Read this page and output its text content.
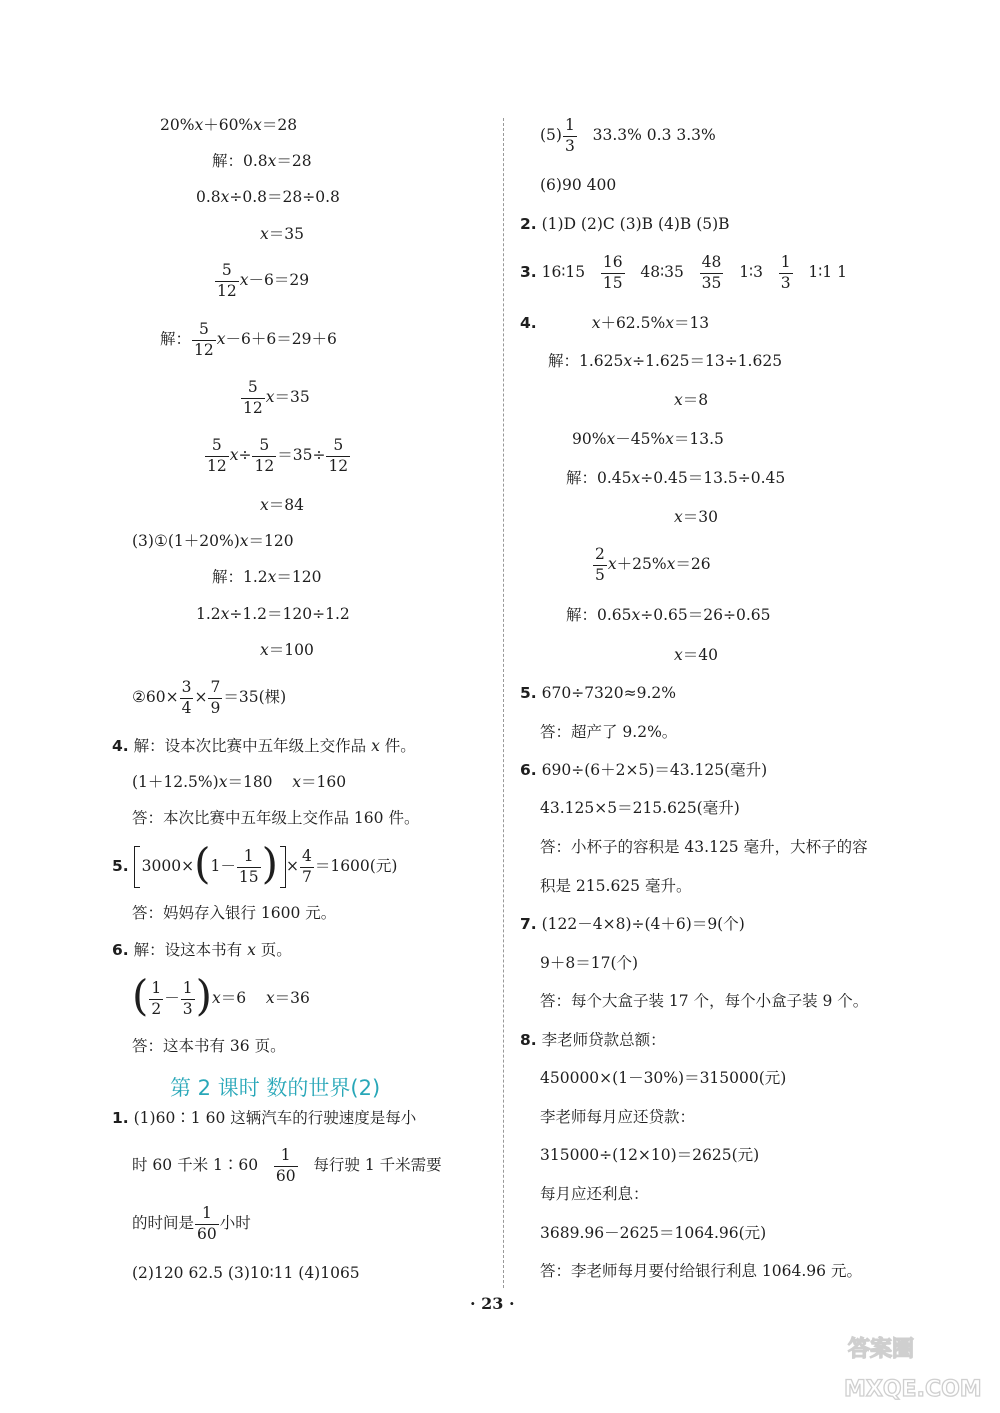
20%x＋60%x＝28
解：0.8x＝28
0.8x÷0.8＝28÷0.8
x＝35
$\frac{5}{12} x-6=29$
解： $\frac{5}{12} x-6+6=29+6$
$\frac{5}{12} x=35$
$\frac{5}{12} x\div \frac{5}{12} =35\div \frac{5}{12}$
x＝84
(3)①(1＋20%)x＝120
解：1.2x＝120
1.2x÷1.2＝120÷1.2
x＝100
②60× $\frac{3}{4} \times \frac{7}{9} =35$(棵)
4. 解：设本次比赛中五年级上交作品 x 件。
(1＋12.5%)x＝180 x＝160
答：本次比赛中五年级上交作品 160 件。
5. $3000\times(1- \frac{1}{15}$ ) × $\frac{4}{7} =1600$(元)
答：妈妈存入银行 1600 元。
6. 解：设这本书有 x 页。
( $\frac{1}{2} - \frac{1}{3} )x=6$ x＝36
答：这本书有 36 页。
第 2 课时 数的世界(2)
1. (1)60∶1 60 这辆汽车的行驶速度是每小
时 60 千米 1∶60 $\frac{1}{60}$ 每行驶 1 千米需要
的时间是 $\frac{1}{60}$ 小时
(2)120 62.5 (3)10∶11 (4)1065
$(5) \frac{1}{3} 33.3\%$ 0.3 3.3%
(6)90 400
2. (1)D (2)C (3)B (4)B (5)B
3. 16∶15 $\frac{16}{15}$ 48∶35 $\frac{48}{35}$ 1∶3 $\frac{1}{3}$ 1∶1 1
4.	x＋62.5%x＝13
解：1.625x÷1.625＝13÷1.625
x＝8
90%x－45%x＝13.5
解：0.45x÷0.45＝13.5÷0.45
x＝30
$\frac{2}{5} x+25\%x=26$
解：0.65x÷0.65＝26÷0.65
x＝40
5. 670÷7320≈9.2%
答：超产了 9.2%。
6. 690÷(6＋2×5)＝43.125(毫升)
43.125×5＝215.625(毫升)
答：小杯子的容积是 43.125 毫升，大杯子的容
积是 215.625 毫升。
7. (122－4×8)÷(4＋6)＝9(个)
9＋8＝17(个)
答：每个大盒子装 17 个，每个小盒子装 9 个。
8. 李老师贷款总额：
450000×(1－30%)＝315000(元)
李老师每月应还贷款：
315000÷(12×10)＝2625(元)
每月应还利息：
3689.96－2625＝1064.96(元)
答：李老师每月要付给银行利息 1064.96 元。
· 23 ·
答案圈
MXQE.COM
